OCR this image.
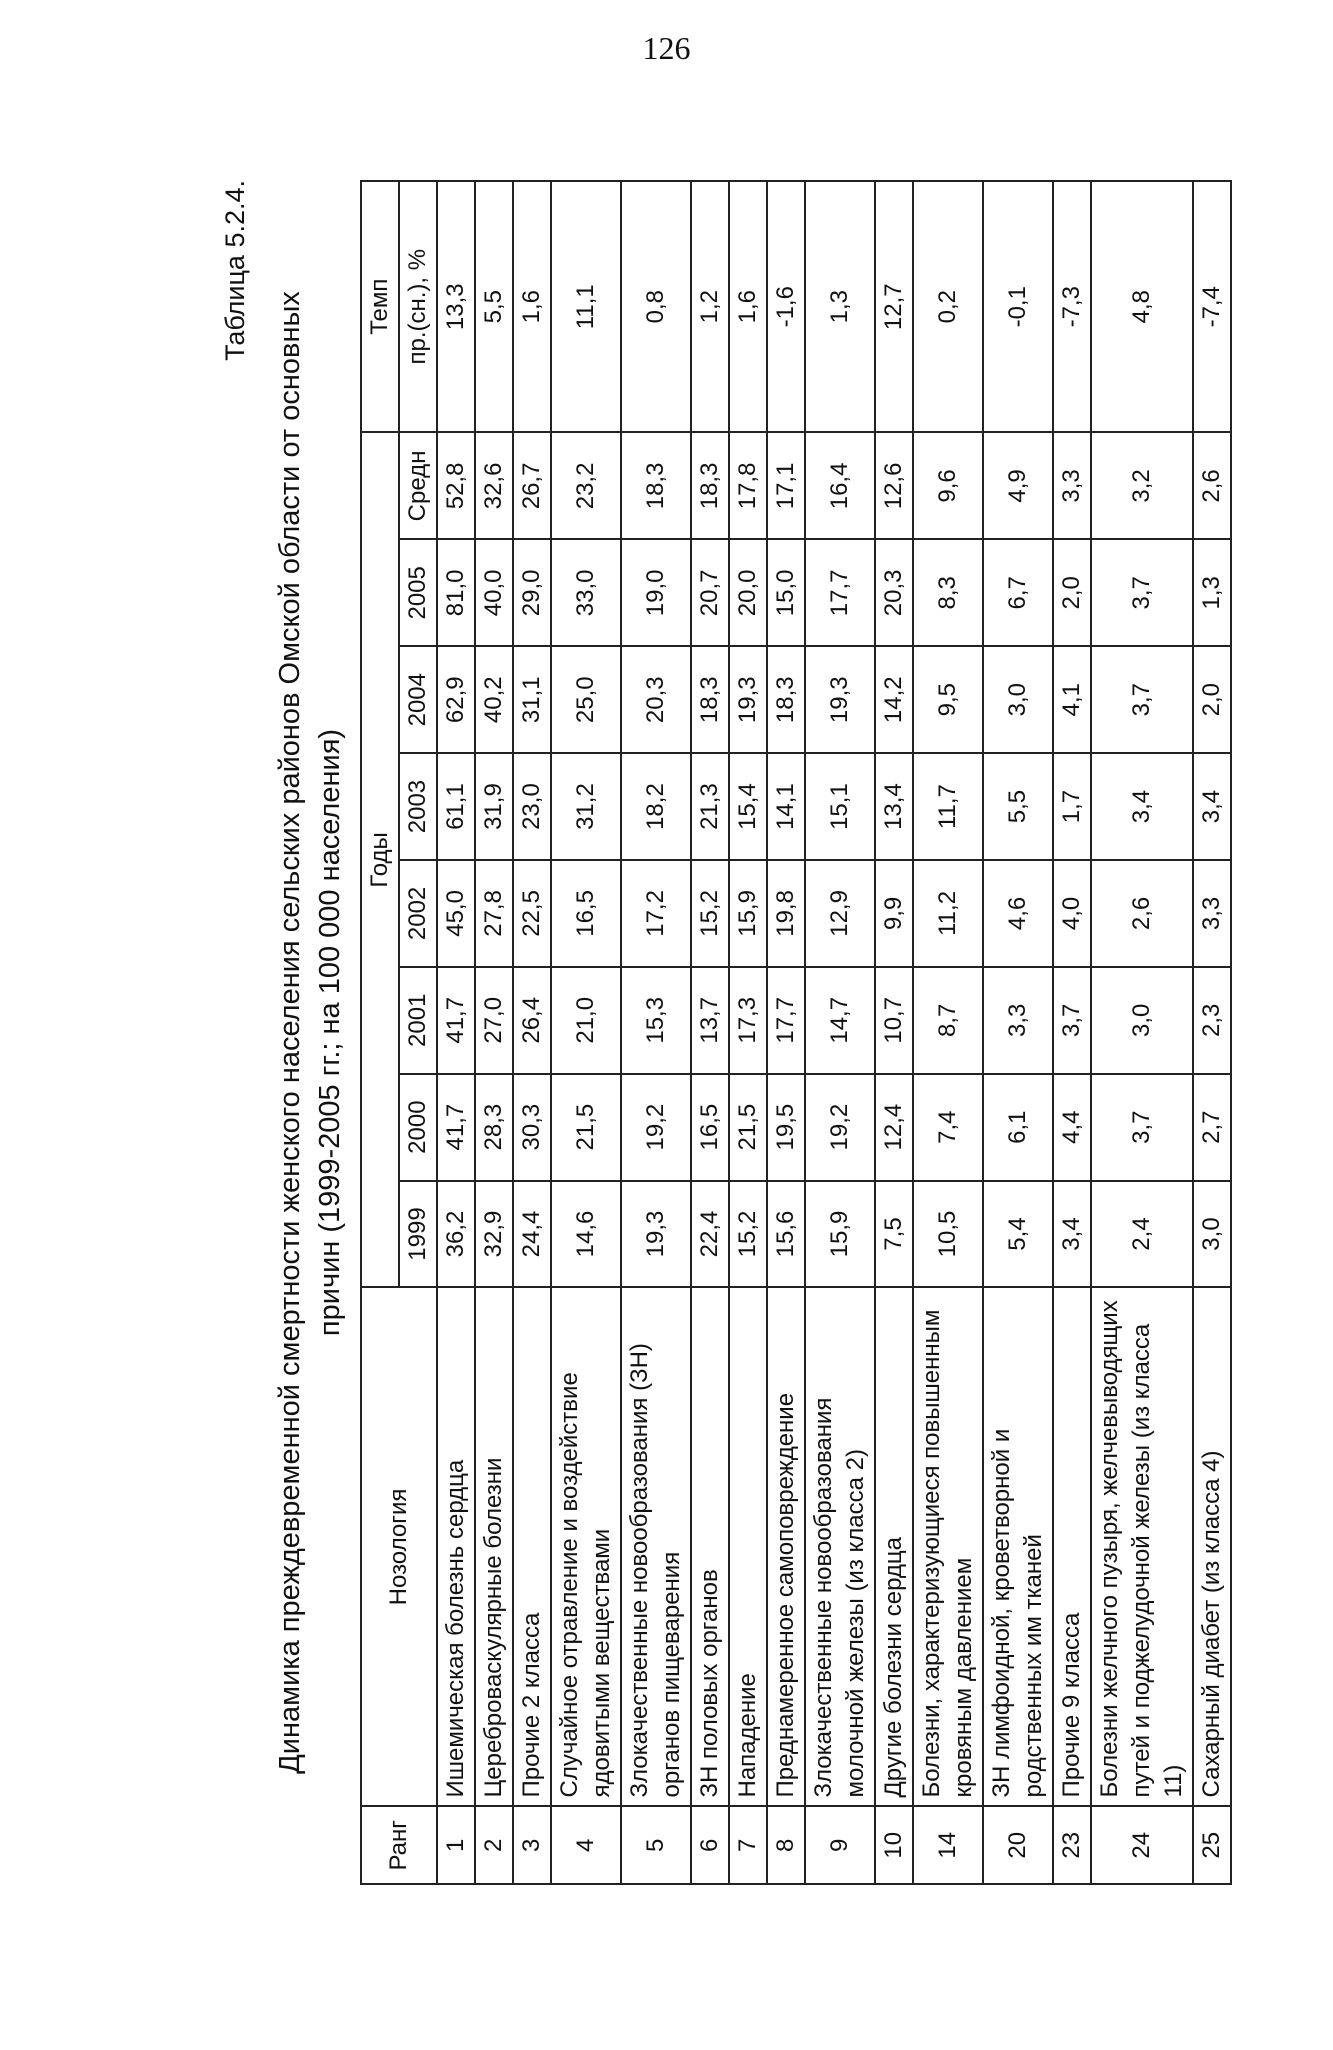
126
Таблица 5.2.4.
Динамика преждевременной смертности женского населения сельских районов Омской области от основных причин (1999-2005 гг.; на 100 000 населения)
Ранг	Нозология	Годы								Темп
		1999	2000	2001	2002	2003	2004	2005	Средн	пр.(сн.), %
1	Ишемическая болезнь сердца	36,2	41,7	41,7	45,0	61,1	62,9	81,0	52,8	13,3
2	Цереброваскулярные болезни	32,9	28,3	27,0	27,8	31,9	40,2	40,0	32,6	5,5
3	Прочие 2 класса	24,4	30,3	26,4	22,5	23,0	31,1	29,0	26,7	1,6
4	Случайное отравление и воздействие ядовитыми веществами	14,6	21,5	21,0	16,5	31,2	25,0	33,0	23,2	11,1
5	Злокачественные новообразования (ЗН) органов пищеварения	19,3	19,2	15,3	17,2	18,2	20,3	19,0	18,3	0,8
6	ЗН половых органов	22,4	16,5	13,7	15,2	21,3	18,3	20,7	18,3	1,2
7	Нападение	15,2	21,5	17,3	15,9	15,4	19,3	20,0	17,8	1,6
8	Преднамеренное самоповреждение	15,6	19,5	17,7	19,8	14,1	18,3	15,0	17,1	-1,6
9	Злокачественные новообразования молочной железы (из класса 2)	15,9	19,2	14,7	12,9	15,1	19,3	17,7	16,4	1,3
10	Другие болезни сердца	7,5	12,4	10,7	9,9	13,4	14,2	20,3	12,6	12,7
14	Болезни, характеризующиеся повышенным кровяным давлением	10,5	7,4	8,7	11,2	11,7	9,5	8,3	9,6	0,2
20	ЗН лимфоидной, кроветворной и родственных им тканей	5,4	6,1	3,3	4,6	5,5	3,0	6,7	4,9	-0,1
23	Прочие 9 класса	3,4	4,4	3,7	4,0	1,7	4,1	2,0	3,3	-7,3
24	Болезни желчного пузыря, желчевыводящих путей и поджелудочной железы (из класса 11)	2,4	3,7	3,0	2,6	3,4	3,7	3,7	3,2	4,8
25	Сахарный диабет (из класса 4)	3,0	2,7	2,3	3,3	3,4	2,0	1,3	2,6	-7,4
